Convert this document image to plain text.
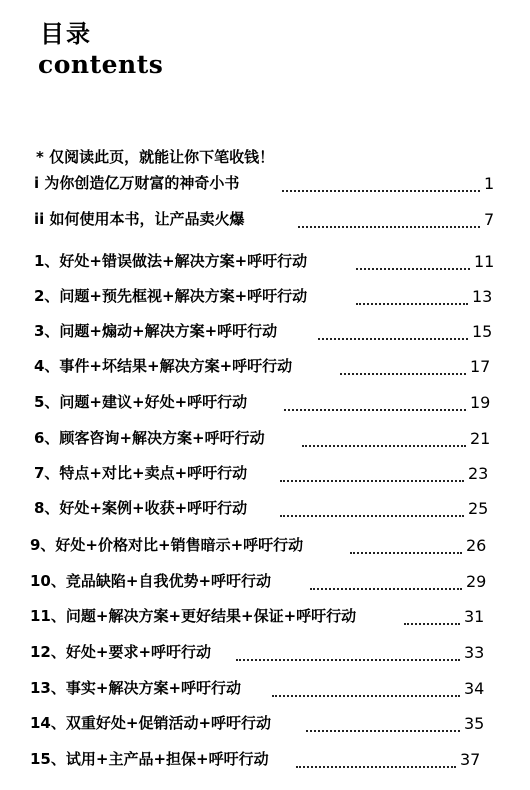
目录
contents
* 仅阅读此页，就能让你下笔收钱！
i 为你创造亿万财富的神奇小书	1
ii 如何使用本书，让产品卖火爆	7
1、好处+错误做法+解决方案+呼吁行动	11
2、问题+预先框视+解决方案+呼吁行动	13
3、问题+煽动+解决方案+呼吁行动	15
4、事件+坏结果+解决方案+呼吁行动	17
5、问题+建议+好处+呼吁行动	19
6、顾客咨询+解决方案+呼吁行动	21
7、特点+对比+卖点+呼吁行动	23
8、好处+案例+收获+呼吁行动	25
9、好处+价格对比+销售暗示+呼吁行动	26
10、竞品缺陷+自我优势+呼吁行动	29
11、问题+解决方案+更好结果+保证+呼吁行动	31
12、好处+要求+呼吁行动	33
13、事实+解决方案+呼吁行动	34
14、双重好处+促销活动+呼吁行动	35
15、试用+主产品+担保+呼吁行动	37
